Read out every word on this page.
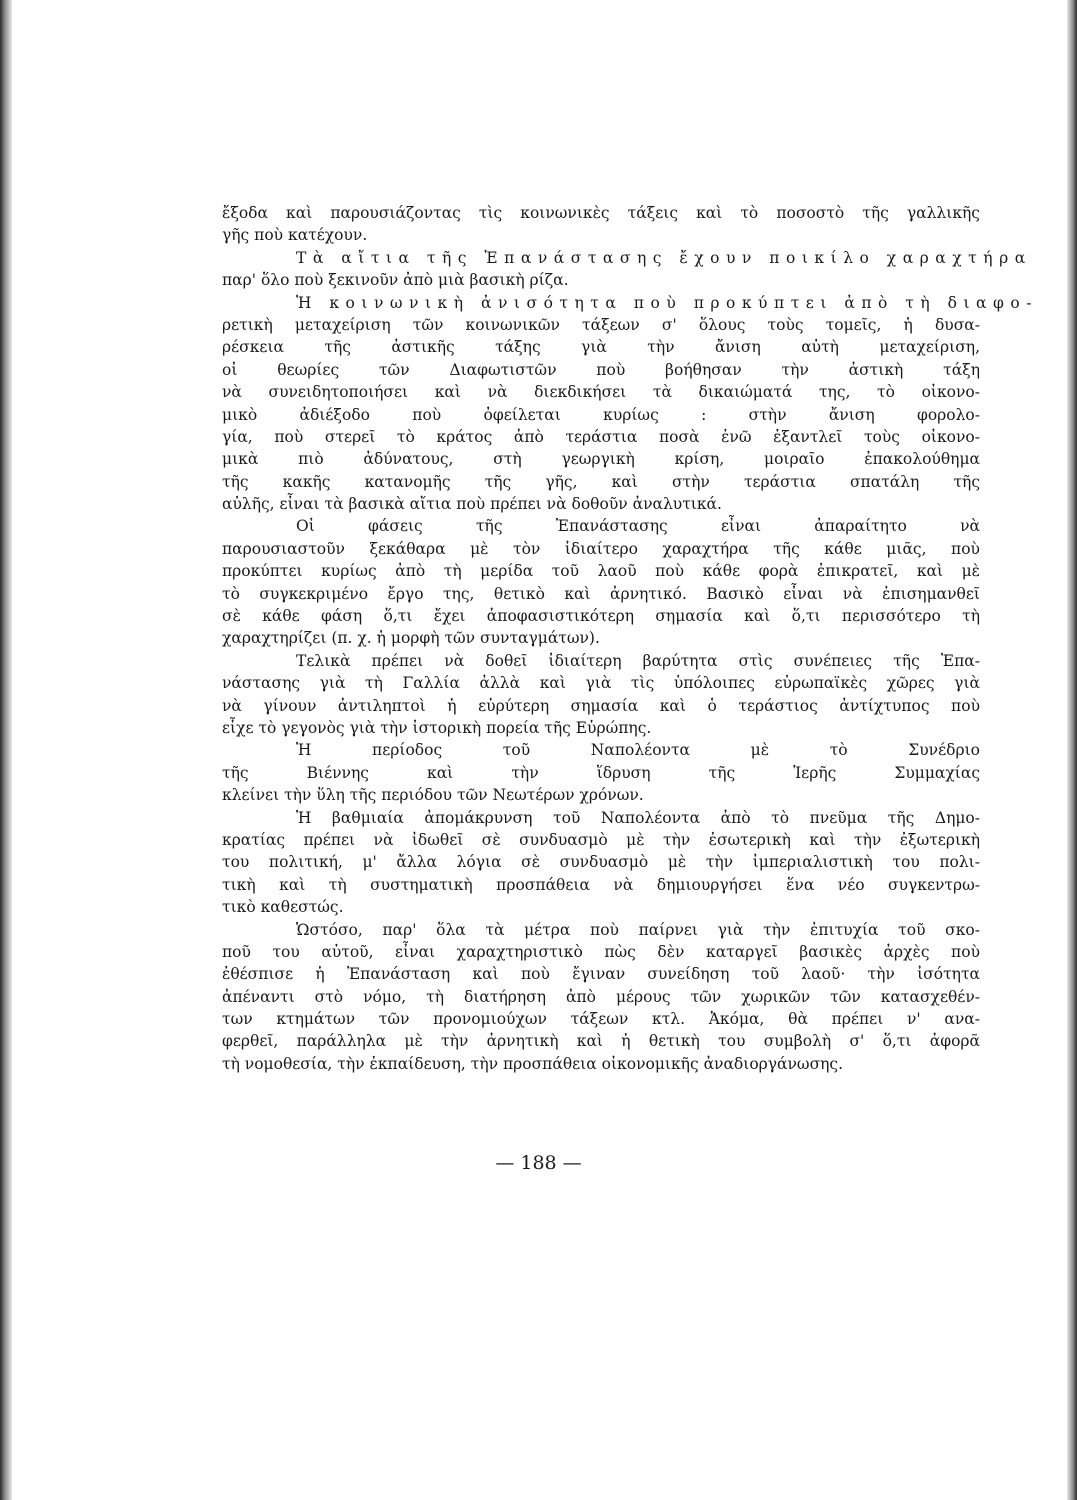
ἔξοδα καὶ παρουσιάζοντας τὶς κοινωνικὲς τάξεις καὶ τὸ ποσοστὸ τῆς γαλλικῆς
γῆς ποὺ κατέχουν.
Τὰ αἴτια τῆς Ἐπανάστασης ἔχουν ποικίλο χαραχτήρα
παρ' ὅλο ποὺ ξεκινοῦν ἀπὸ μιὰ βασικὴ ρίζα.
Ἡ κοινωνικὴ ἀνισότητα ποὺ προκύπτει ἀπὸ τὴ διαφο-
ρετικὴ μεταχείριση τῶν κοινωνικῶν τάξεων σ' ὅλους τοὺς τομεῖς, ἡ δυσα-
ρέσκεια τῆς ἀστικῆς τάξης γιὰ τὴν ἄνιση αὐτὴ μεταχείριση,
οἱ θεωρίες τῶν Διαφωτιστῶν ποὺ βοήθησαν τὴν ἀστικὴ τάξη
νὰ συνειδητοποιήσει καὶ νὰ διεκδικήσει τὰ δικαιώματά της, τὸ οἰκονο-
μικὸ ἀδιέξοδο ποὺ ὀφείλεται κυρίως : στὴν ἄνιση φορολο-
γία, ποὺ στερεῖ τὸ κράτος ἀπὸ τεράστια ποσὰ ἐνῶ ἐξαντλεῖ τοὺς οἰκονο-
μικὰ πιὸ ἀδύνατους, στὴ γεωργικὴ κρίση, μοιραῖο ἐπακολούθημα
τῆς κακῆς κατανομῆς τῆς γῆς, καὶ στὴν τεράστια σπατάλη τῆς
αὐλῆς, εἶναι τὰ βασικὰ αἴτια ποὺ πρέπει νὰ δοθοῦν ἀναλυτικά.
Οἱ φάσεις τῆς Ἐπανάστασης εἶναι ἀπαραίτητο νὰ
παρουσιαστοῦν ξεκάθαρα μὲ τὸν ἰδιαίτερο χαραχτήρα τῆς κάθε μιᾶς, ποὺ
προκύπτει κυρίως ἀπὸ τὴ μερίδα τοῦ λαοῦ ποὺ κάθε φορὰ ἐπικρατεῖ, καὶ μὲ
τὸ συγκεκριμένο ἔργο της, θετικὸ καὶ ἀρνητικό. Βασικὸ εἶναι νὰ ἐπισημανθεῖ
σὲ κάθε φάση ὅ,τι ἔχει ἀποφασιστικότερη σημασία καὶ ὅ,τι περισσότερο τὴ
χαραχτηρίζει (π. χ. ἡ μορφὴ τῶν συνταγμάτων).
Τελικὰ πρέπει νὰ δοθεῖ ἰδιαίτερη βαρύτητα στὶς συνέπειες τῆς Ἐπα-
νάστασης γιὰ τὴ Γαλλία ἀλλὰ καὶ γιὰ τὶς ὑπόλοιπες εὐρωπαϊκὲς χῶρες γιὰ
νὰ γίνουν ἀντιληπτοὶ ἡ εὐρύτερη σημασία καὶ ὁ τεράστιος ἀντίχτυπος ποὺ
εἶχε τὸ γεγονὸς γιὰ τὴν ἱστορικὴ πορεία τῆς Εὐρώπης.
Ἡ περίοδος τοῦ Ναπολέοντα μὲ τὸ Συνέδριο
τῆς Βιέννης καὶ τὴν ἵδρυση τῆς Ἱερῆς Συμμαχίας
κλείνει τὴν ὕλη τῆς περιόδου τῶν Νεωτέρων χρόνων.
Ἡ βαθμιαία ἀπομάκρυνση τοῦ Ναπολέοντα ἀπὸ τὸ πνεῦμα τῆς Δημο-
κρατίας πρέπει νὰ ἰδωθεῖ σὲ συνδυασμὸ μὲ τὴν ἐσωτερικὴ καὶ τὴν ἐξωτερικὴ
του πολιτική, μ' ἄλλα λόγια σὲ συνδυασμὸ μὲ τὴν ἰμπεριαλιστικὴ του πολι-
τικὴ καὶ τὴ συστηματικὴ προσπάθεια νὰ δημιουργήσει ἕνα νέο συγκεντρω-
τικὸ καθεστώς.
Ὡστόσο, παρ' ὅλα τὰ μέτρα ποὺ παίρνει γιὰ τὴν ἐπιτυχία τοῦ σκο-
ποῦ του αὐτοῦ, εἶναι χαραχτηριστικὸ πὼς δὲν καταργεῖ βασικὲς ἀρχὲς ποὺ
ἐθέσπισε ἡ Ἐπανάσταση καὶ ποὺ ἔγιναν συνείδηση τοῦ λαοῦ· τὴν ἰσότητα
ἀπέναντι στὸ νόμο, τὴ διατήρηση ἀπὸ μέρους τῶν χωρικῶν τῶν κατασχεθέν-
των κτημάτων τῶν προνομιούχων τάξεων κτλ. Ἀκόμα, θὰ πρέπει ν' ανα-
φερθεῖ, παράλληλα μὲ τὴν ἀρνητικὴ καὶ ἡ θετικὴ του συμβολὴ σ' ὅ,τι ἀφορᾶ
τὴ νομοθεσία, τὴν ἐκπαίδευση, τὴν προσπάθεια οἰκονομικῆς ἀναδιοργάνωσης.
— 188 —
